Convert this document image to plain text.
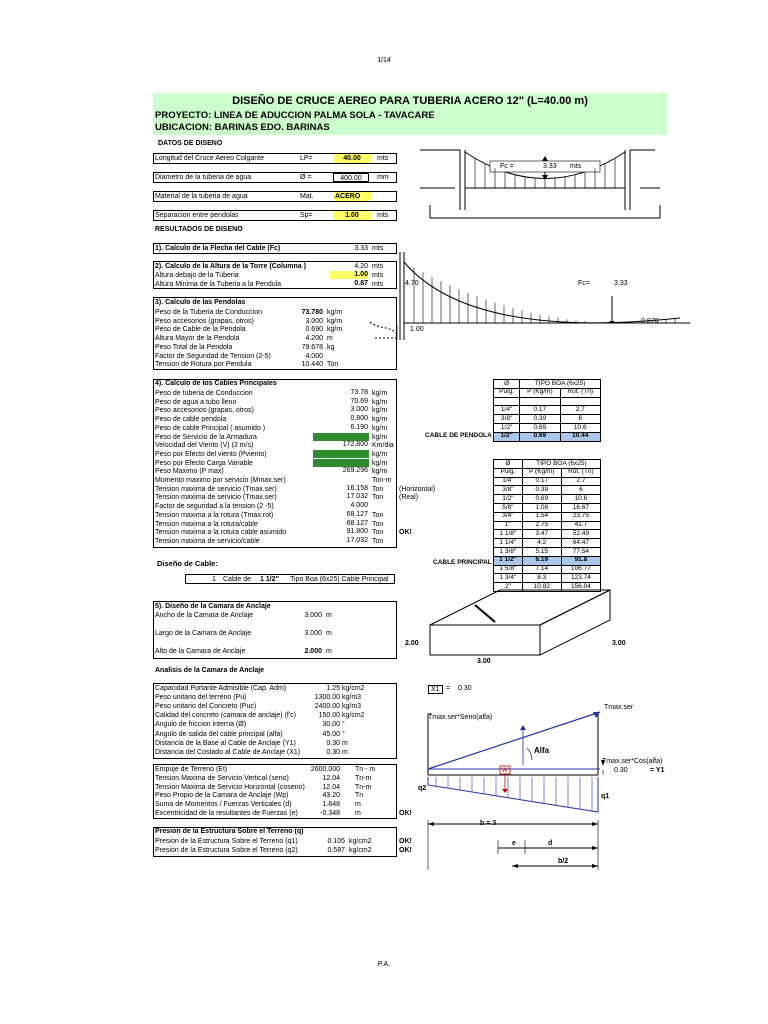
1/14
DISEÑO DE CRUCE AEREO PARA TUBERIA ACERO 12" (L=40.00 m)
PROYECTO: LINEA DE ADUCCION PALMA SOLA - TAVACARE
UBICACION: BARINAS EDO. BARINAS
DATOS DE DISENO
Fc =	3.33 mts
4.70	Fc=	3.33
0.870
1.00
2.00	3.00
3.00
X1 = 0.30
Tmax.ser*Seno(alfa)
Tmax.ser
Alfa
Tmax.ser*Cos(alfa)
0.30	= Y1
W
q1
q2
b = 3
e	d
b/2
RESULTADOS DE DISENO
1). Calculo de la Flecha del Cable (Fc)	3.33 mts
2). Calculo de la Altura de la Torre (Columna )	4.20 mts
3). Calculo de las Pendolas
4). Calculo de los Cables Principales
CABLE DE PENDOLA
CABLE PRINCIPAL
Ø	TIPO BOA (6x25)	
Pulg.	P (Kg/m)	Rot. (Tn)

1/4"	0.17	2.7
3/8"	0.39	6
1/2"	0.69	10.6
1/2"	0.69	10.44
Ø	TIPO BOA (6x25)	
Pulg.	P (Kg/m)	Rot. (Tn)
1/4"	0.17	2.7
3/8"	0.39	6
1/2"	0.69	10.6
5/8"	1.08	16.67
3/4"	1.54	23.75
1"	2.75	41.7
1 1/8"	3.47	52.49
1 1/4"	4.2	64.47
1 3/8"	5.15	77.54
1 1/2"	6.19	91.8
1 5/8"	7.14	106.77
1 3/4"	8.3	123.74
2"	10.82	156.04
Diseño de Cable:
1 Cable de 1 1/2" Tipo Boa (6x25) Cable Principal
5). Diseño de la Camara de Anclaje
Analisis de la Camara de Anclaje
Presion de la Estructura Sobre el Terreno (q)
P.A.
Longitud del Cruce Aereo Colgante	LP=	40.00	mts
Diametro de la tuberia de agua	Ø =	400.00	mm
Material de la tuberia de agua	Mat.	ACERO
Separacion entre pendolas	Sp=	1.00	mts
Altura debajo de la Tuberia	1.00 mts
Altura Minima de la Tuberia a la Pendula	0.87 mts
Peso de la Tuberia de Conduccion	73.780 kg/m
Peso accesorios (grapas, otros)	3.000 kg/m
Peso de Cable de la Pendola	0.690 kg/m
Altura Mayor de la Pendola	4.200 m
Peso Total de la Pendola	79.678 kg
Factor de Seguridad de Tension (2-5)	4.000
Tension de Rotura por Pendula	10.440 Ton
Peso de tuberia de Conduccion	73.78 kg/m
Peso de agua a tubo lleno	70.69 kg/m
Peso accesorios (grapas, otros)	3.000 kg/m
Peso de cable pendola	0.800 kg/m
Peso de cable Principal ( asumido )	6.190 kg/m
Peso de Servicio de la Armadura	kg/m
Velocidad del Viento (V) (2 m/s)	172.800 Km/dia
Peso por Efecto del viento (Pviento)	kg/m
Peso por Efecto Carga Variable	kg/m
Peso Maximo (P max)	269.296 kg/m
Momento maximo por servicio (Mmax.ser)	Ton-m
Tension maxima de servicio (Tmax.ser)	16.158 Ton (Horizontal)
Tension maxima de servicio (Tmax.ser)	17.032 Ton (Real)
Factor de seguridad a la tension (2 -5)	4.000
Tension maxima a la rotura (Tmax.rot)	68.127 Ton
Tension maxima a la rotura/cable	68.127 Ton
Tension maxima a la rotura cable asumido	91.800 Ton OK!
Tension maxima de servicio/cable	17.032 Ton
Ancho de la Camara de Anclaje	3.000 m
Largo de la Camara de Anclaje	3.000 m
Alto de la Camara de Anclaje	2.000 m
Capacidad Portante Admisible (Cap. Adm)	1.25 kg/cm2
Peso unitario del terreno (Pu)	1300.00 kg/m3
Peso unitario del Concreto (Puc)	2400.00 kg/m3
Calidad del concreto (camara de anclaje) (f'c)	150.00 kg/cm2
Angulo de friccion interna (Ø)	30.00 °
Angulo de salida del cable principal (alfa)	45.00 °
Distancia de la Base al Cable de Anclaje (Y1)	0.30 m
Distancia del Costado al Cable de Anclaje (X1)	0.30 m
Empuje de Terreno (Et)	2600.000 Tn - m
Tension Maxima de Servicio Vertical (seno)	12.04 Tn-m
Tension Maxima de Servicio Horizontal (coseno)	12.04 Tn-m
Peso Propio de la Camara de Anclaje (Wp)	43.20 Tn
Suma de Momentos / Fuerzas Verticales (d)	1.848 m
Excentricidad de la resultantes de Fuerzas (e)	-0.348 m	OK!
Presion de la Estructura Sobre el Terreno (q1)	0.105 kg/cm2	OK!
Presion de la Estructura Sobre el Terreno (q2)	0.587 kg/cm2	OK!
